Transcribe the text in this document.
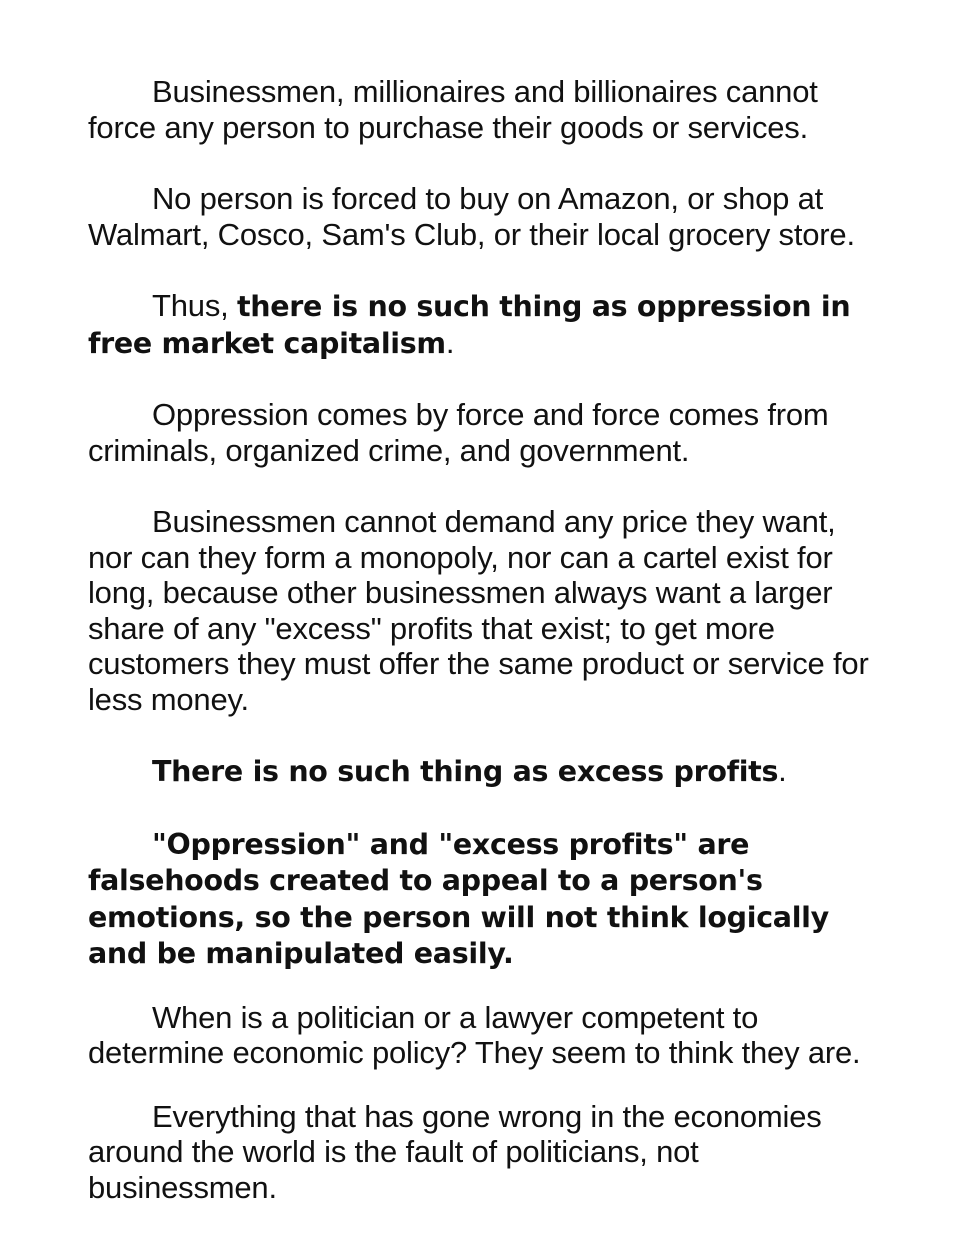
Businessmen, millionaires and billionaires cannot force any person to purchase their goods or services.

No person is forced to buy on Amazon, or shop at Walmart, Cosco, Sam's Club, or their local grocery store.

Thus, there is no such thing as oppression in free market capitalism.

Oppression comes by force and force comes from criminals, organized crime, and government.

Businessmen cannot demand any price they want, nor can they form a monopoly, nor can a cartel exist for long, because other businessmen always want a larger share of any "excess" profits that exist; to get more customers they must offer the same product or service for less money.

There is no such thing as excess profits.

"Oppression" and "excess profits" are falsehoods created to appeal to a person's emotions, so the person will not think logically and be manipulated easily.

When is a politician or a lawyer competent to determine economic policy? They seem to think they are.

Everything that has gone wrong in the economies around the world is the fault of politicians, not businessmen.
